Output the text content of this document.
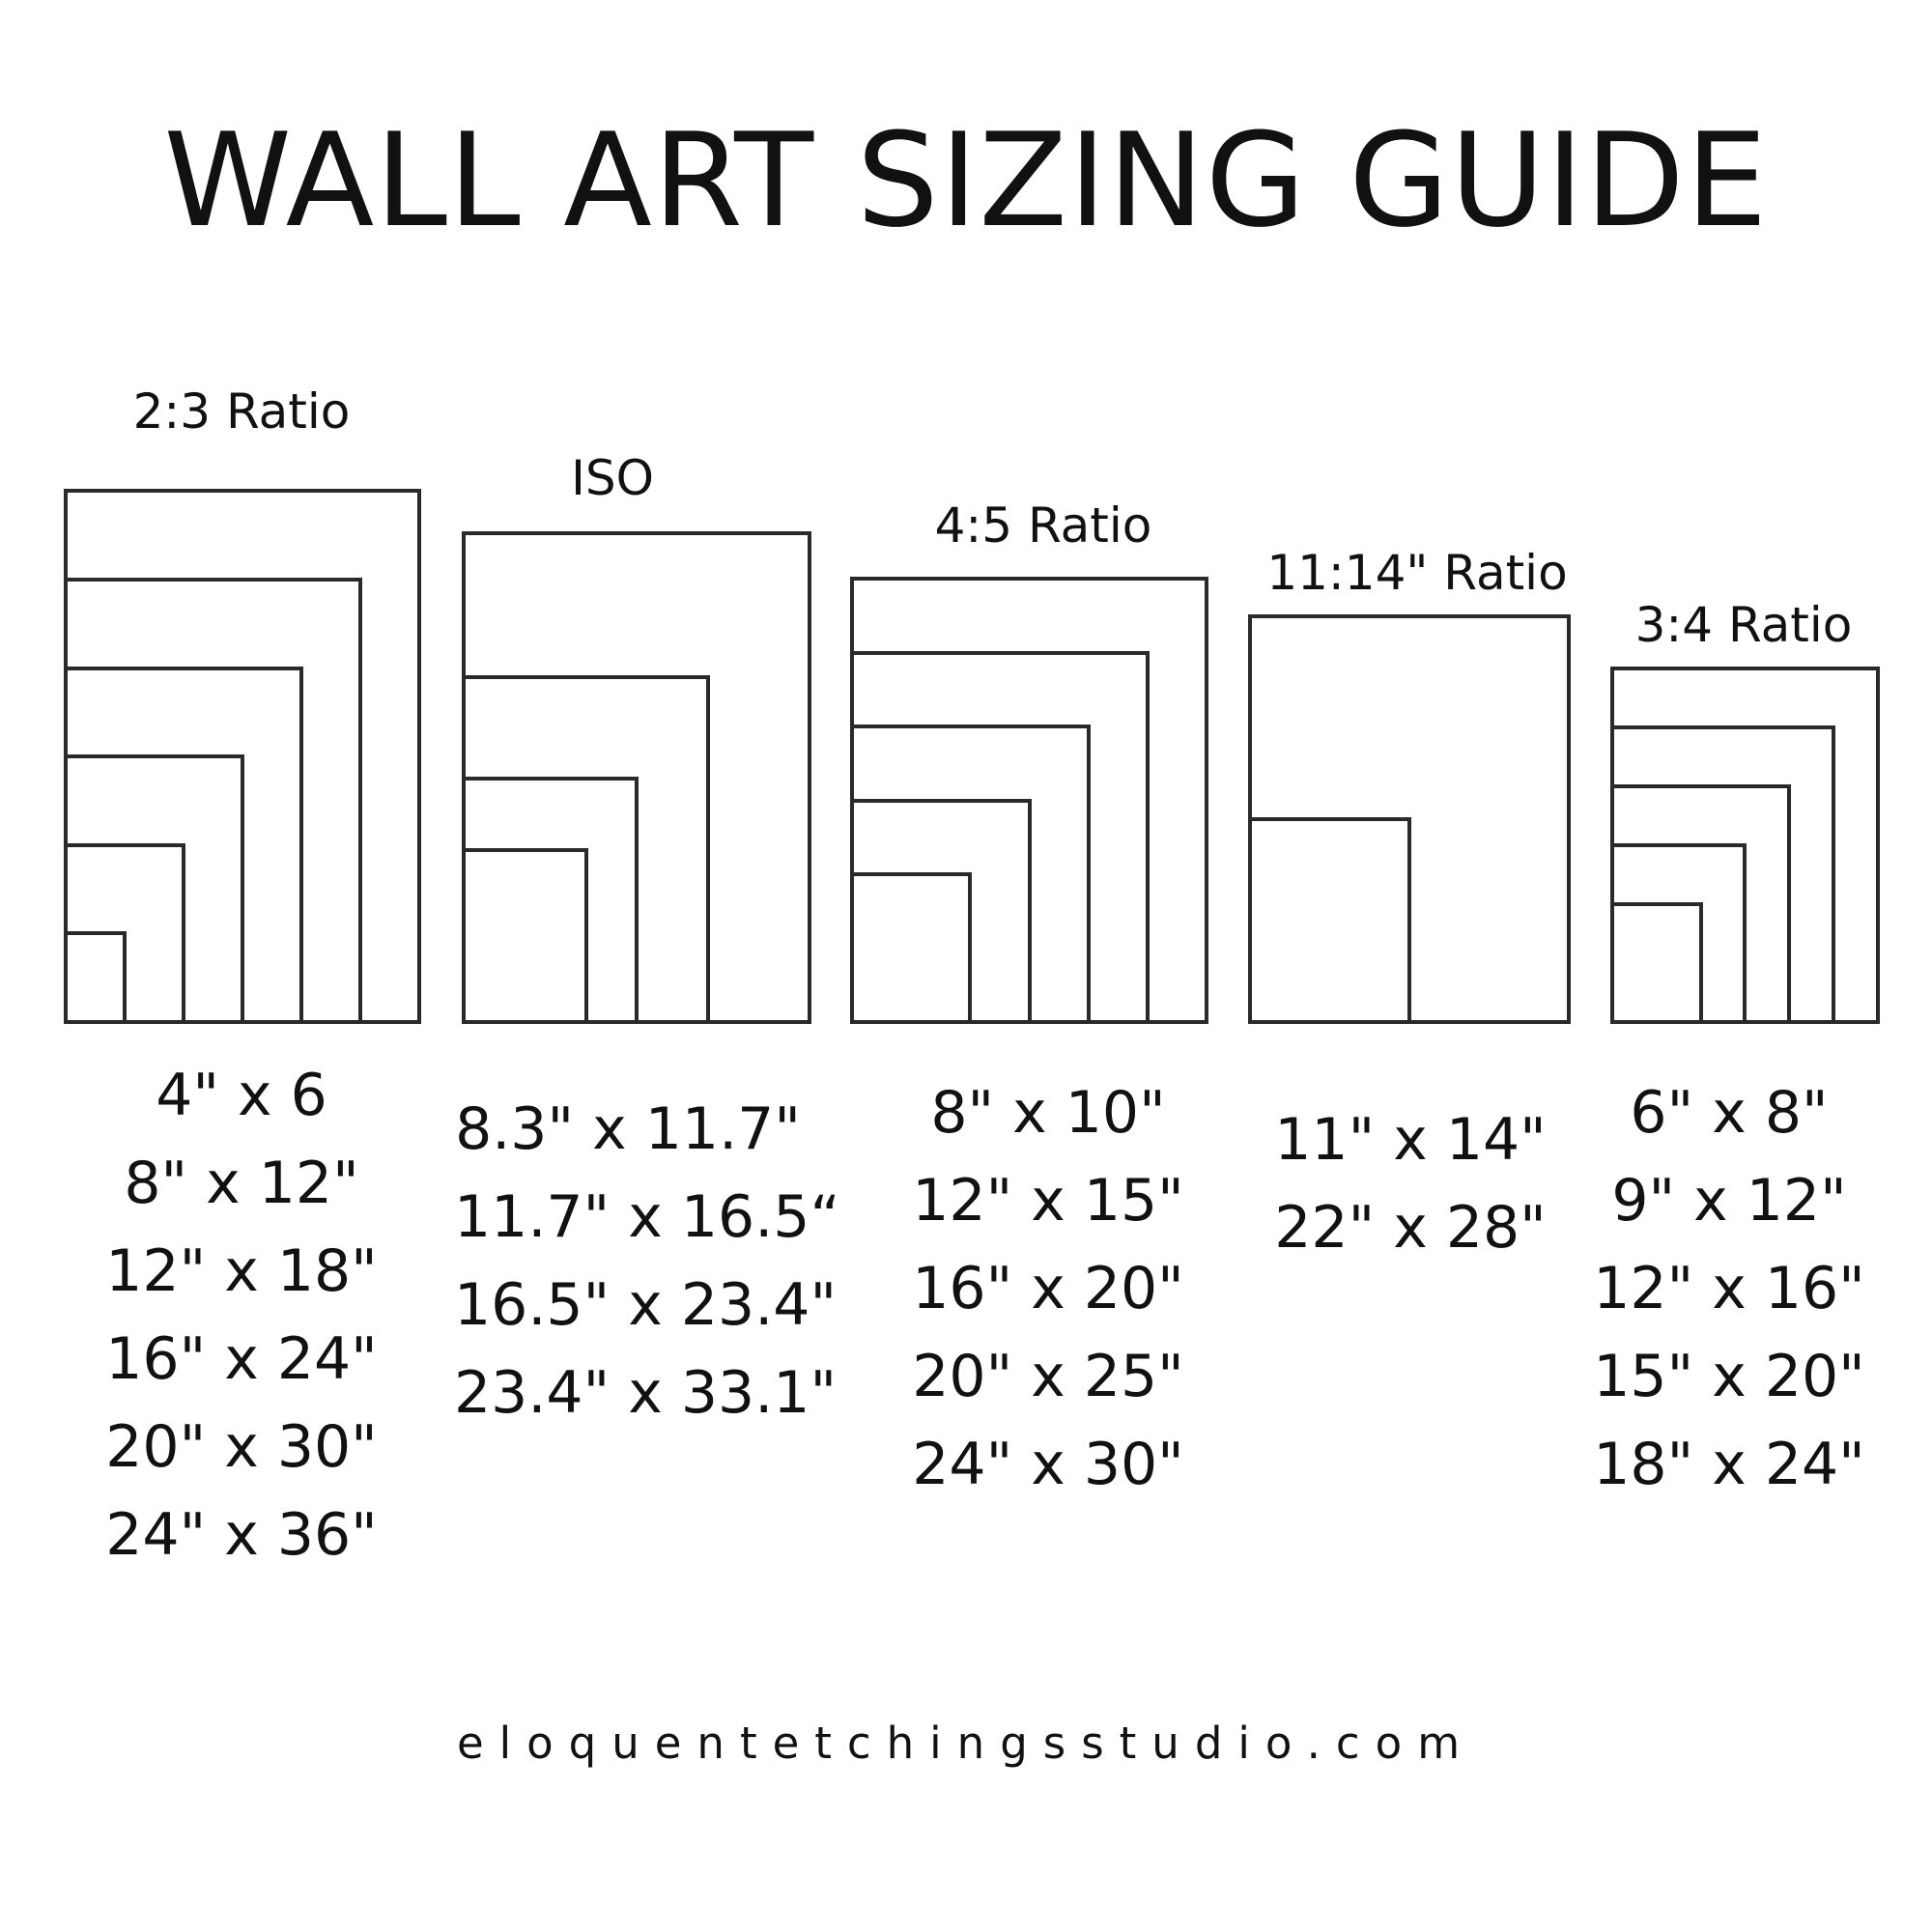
WALL ART SIZING GUIDE
2:3 Ratio
ISO
4:5 Ratio
11:14" Ratio
3:4 Ratio
4" x 6
8" x 12"
12" x 18"
16" x 24"
20" x 30"
24" x 36"
8.3" x 11.7"
11.7" x 16.5“
16.5" x 23.4"
23.4" x 33.1"
8" x 10"
12" x 15"
16" x 20"
20" x 25"
24" x 30"
11" x 14"
22" x 28"
6" x 8"
9" x 12"
12" x 16"
15" x 20"
18" x 24"
eloquentetchingsstudio.com
